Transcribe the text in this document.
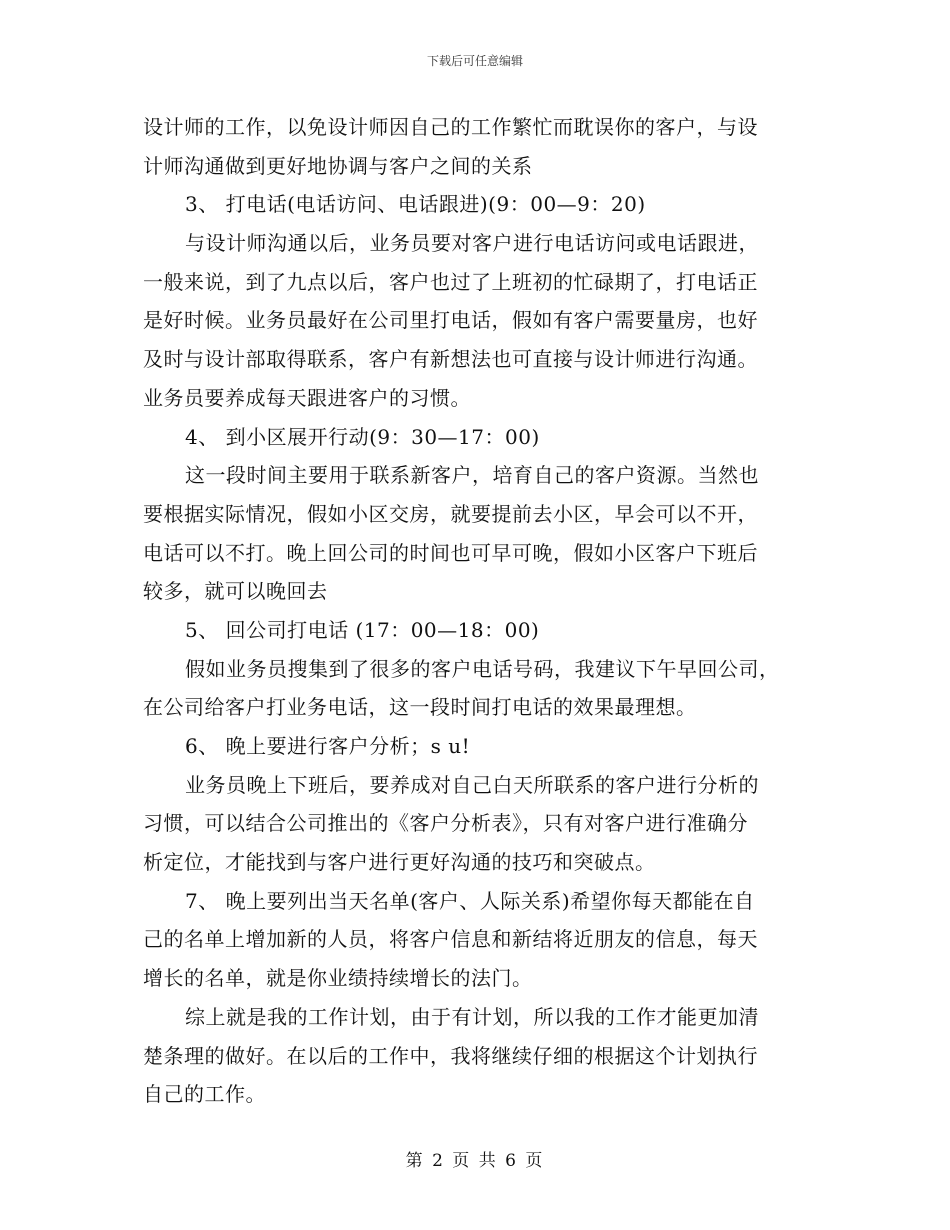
下载后可任意编辑
设计师的工作，以免设计师因自己的工作繁忙而耽误你的客户，与设
计师沟通做到更好地协调与客户之间的关系
3、 打电话(电话访问、电话跟进)(9：00—9：20)
与设计师沟通以后，业务员要对客户进行电话访问或电话跟进，
一般来说，到了九点以后，客户也过了上班初的忙碌期了，打电话正
是好时候。业务员最好在公司里打电话，假如有客户需要量房，也好
及时与设计部取得联系，客户有新想法也可直接与设计师进行沟通。
业务员要养成每天跟进客户的习惯。
4、 到小区展开行动(9：30—17：00)
这一段时间主要用于联系新客户，培育自己的客户资源。当然也
要根据实际情况，假如小区交房，就要提前去小区，早会可以不开，
电话可以不打。晚上回公司的时间也可早可晚，假如小区客户下班后
较多，就可以晚回去
5、 回公司打电话 (17：00—18：00)
假如业务员搜集到了很多的客户电话号码，我建议下午早回公司，
在公司给客户打业务电话，这一段时间打电话的效果最理想。
6、 晚上要进行客户分析；s u!
业务员晚上下班后，要养成对自己白天所联系的客户进行分析的
习惯，可以结合公司推出的《客户分析表》，只有对客户进行准确分
析定位，才能找到与客户进行更好沟通的技巧和突破点。
7、 晚上要列出当天名单(客户、人际关系)希望你每天都能在自
己的名单上增加新的人员，将客户信息和新结将近朋友的信息，每天
增长的名单，就是你业绩持续增长的法门。
综上就是我的工作计划，由于有计划，所以我的工作才能更加清
楚条理的做好。在以后的工作中，我将继续仔细的根据这个计划执行
自己的工作。
第 2 页 共 6 页
